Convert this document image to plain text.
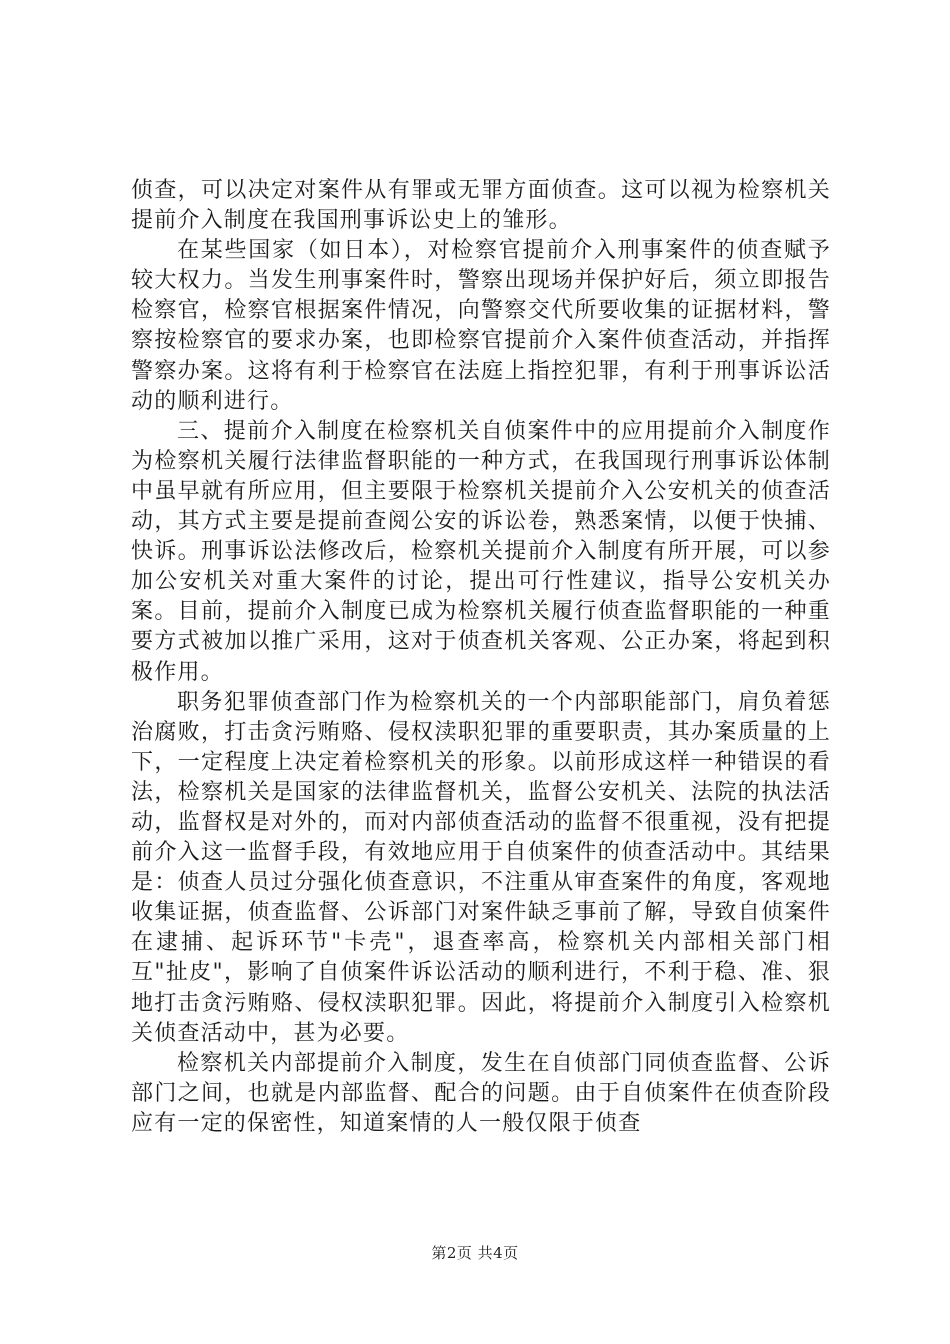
侦查，可以决定对案件从有罪或无罪方面侦查。这可以视为检察机关提前介入制度在我国刑事诉讼史上的雏形。

在某些国家（如日本），对检察官提前介入刑事案件的侦查赋予较大权力。当发生刑事案件时，警察出现场并保护好后，须立即报告检察官，检察官根据案件情况，向警察交代所要收集的证据材料，警察按检察官的要求办案，也即检察官提前介入案件侦查活动，并指挥警察办案。这将有利于检察官在法庭上指控犯罪，有利于刑事诉讼活动的顺利进行。

三、提前介入制度在检察机关自侦案件中的应用提前介入制度作为检察机关履行法律监督职能的一种方式，在我国现行刑事诉讼体制中虽早就有所应用，但主要限于检察机关提前介入公安机关的侦查活动，其方式主要是提前查阅公安的诉讼卷，熟悉案情，以便于快捕、快诉。刑事诉讼法修改后，检察机关提前介入制度有所开展，可以参加公安机关对重大案件的讨论，提出可行性建议，指导公安机关办案。目前，提前介入制度已成为检察机关履行侦查监督职能的一种重要方式被加以推广采用，这对于侦查机关客观、公正办案，将起到积极作用。

职务犯罪侦查部门作为检察机关的一个内部职能部门，肩负着惩治腐败，打击贪污贿赂、侵权渎职犯罪的重要职责，其办案质量的上下，一定程度上决定着检察机关的形象。以前形成这样一种错误的看法，检察机关是国家的法律监督机关，监督公安机关、法院的执法活动，监督权是对外的，而对内部侦查活动的监督不很重视，没有把提前介入这一监督手段，有效地应用于自侦案件的侦查活动中。其结果是：侦查人员过分强化侦查意识，不注重从审查案件的角度，客观地收集证据，侦查监督、公诉部门对案件缺乏事前了解，导致自侦案件在逮捕、起诉环节"卡壳"，退查率高，检察机关内部相关部门相互"扯皮"，影响了自侦案件诉讼活动的顺利进行，不利于稳、准、狠地打击贪污贿赂、侵权渎职犯罪。因此，将提前介入制度引入检察机关侦查活动中，甚为必要。

检察机关内部提前介入制度，发生在自侦部门同侦查监督、公诉部门之间，也就是内部监督、配合的问题。由于自侦案件在侦查阶段应有一定的保密性，知道案情的人一般仅限于侦查

第2页 共4页
